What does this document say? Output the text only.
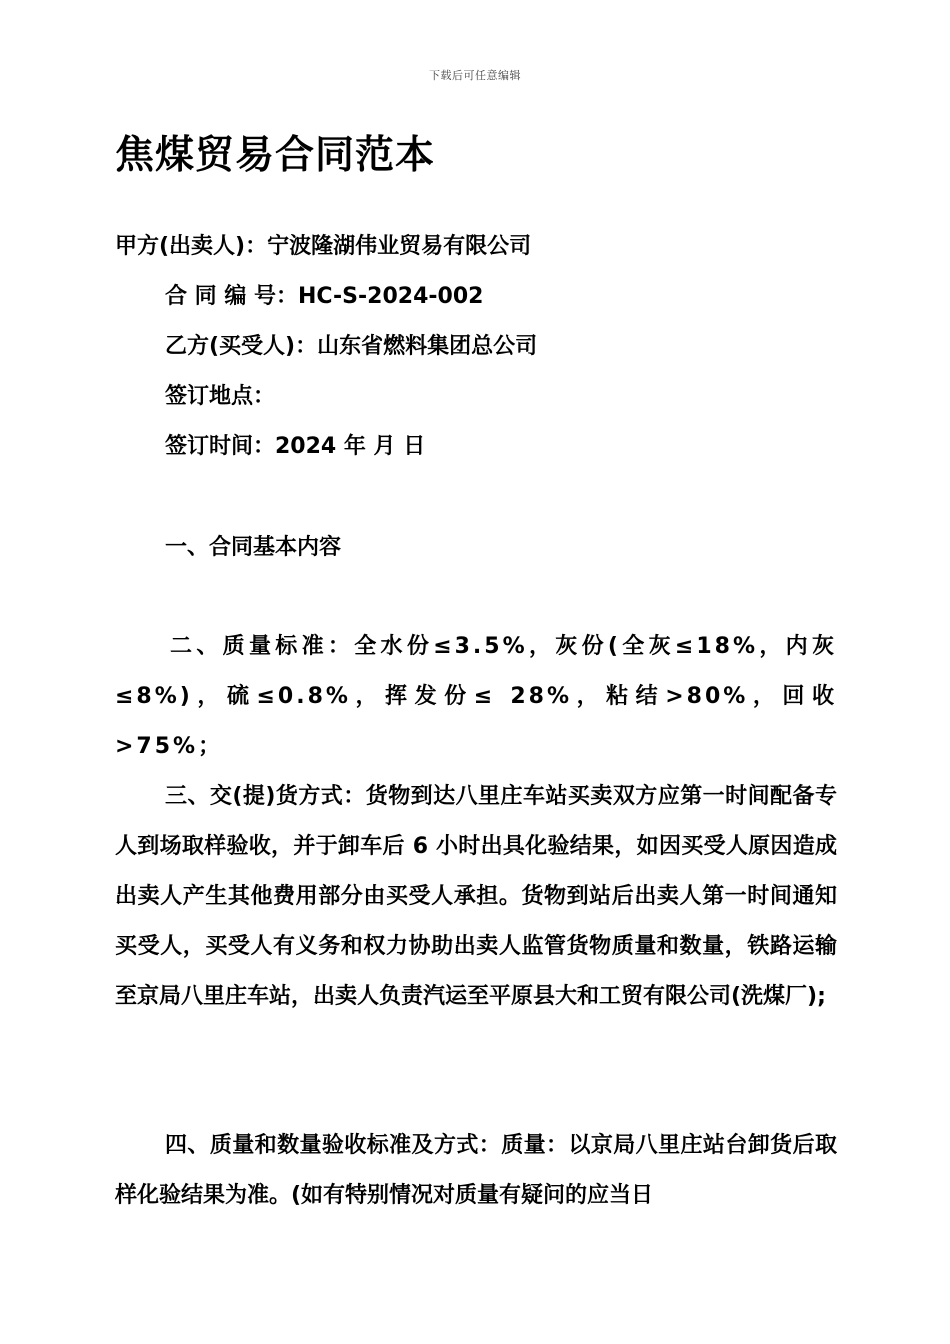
下载后可任意编辑
焦煤贸易合同范本
甲方(出卖人)：宁波隆湖伟业贸易有限公司
合 同 编 号：HC-S-2024-002
乙方(买受人)：山东省燃料集团总公司
签订地点：
签订时间：2024 年 月 日
一、合同基本内容
二、质量标准：全水份≤3.5%，灰份(全灰≤18%，内灰≤8%)，硫≤0.8%，挥发份≤ 28%，粘结>80%，回收 >75%；
三、交(提)货方式：货物到达八里庄车站买卖双方应第一时间配备专人到场取样验收，并于卸车后 6 小时出具化验结果，如因买受人原因造成出卖人产生其他费用部分由买受人承担。货物到站后出卖人第一时间通知买受人，买受人有义务和权力协助出卖人监管货物质量和数量，铁路运输至京局八里庄车站，出卖人负责汽运至平原县大和工贸有限公司(洗煤厂);
四、质量和数量验收标准及方式：质量：以京局八里庄站台卸货后取样化验结果为准。(如有特别情况对质量有疑问的应当日
